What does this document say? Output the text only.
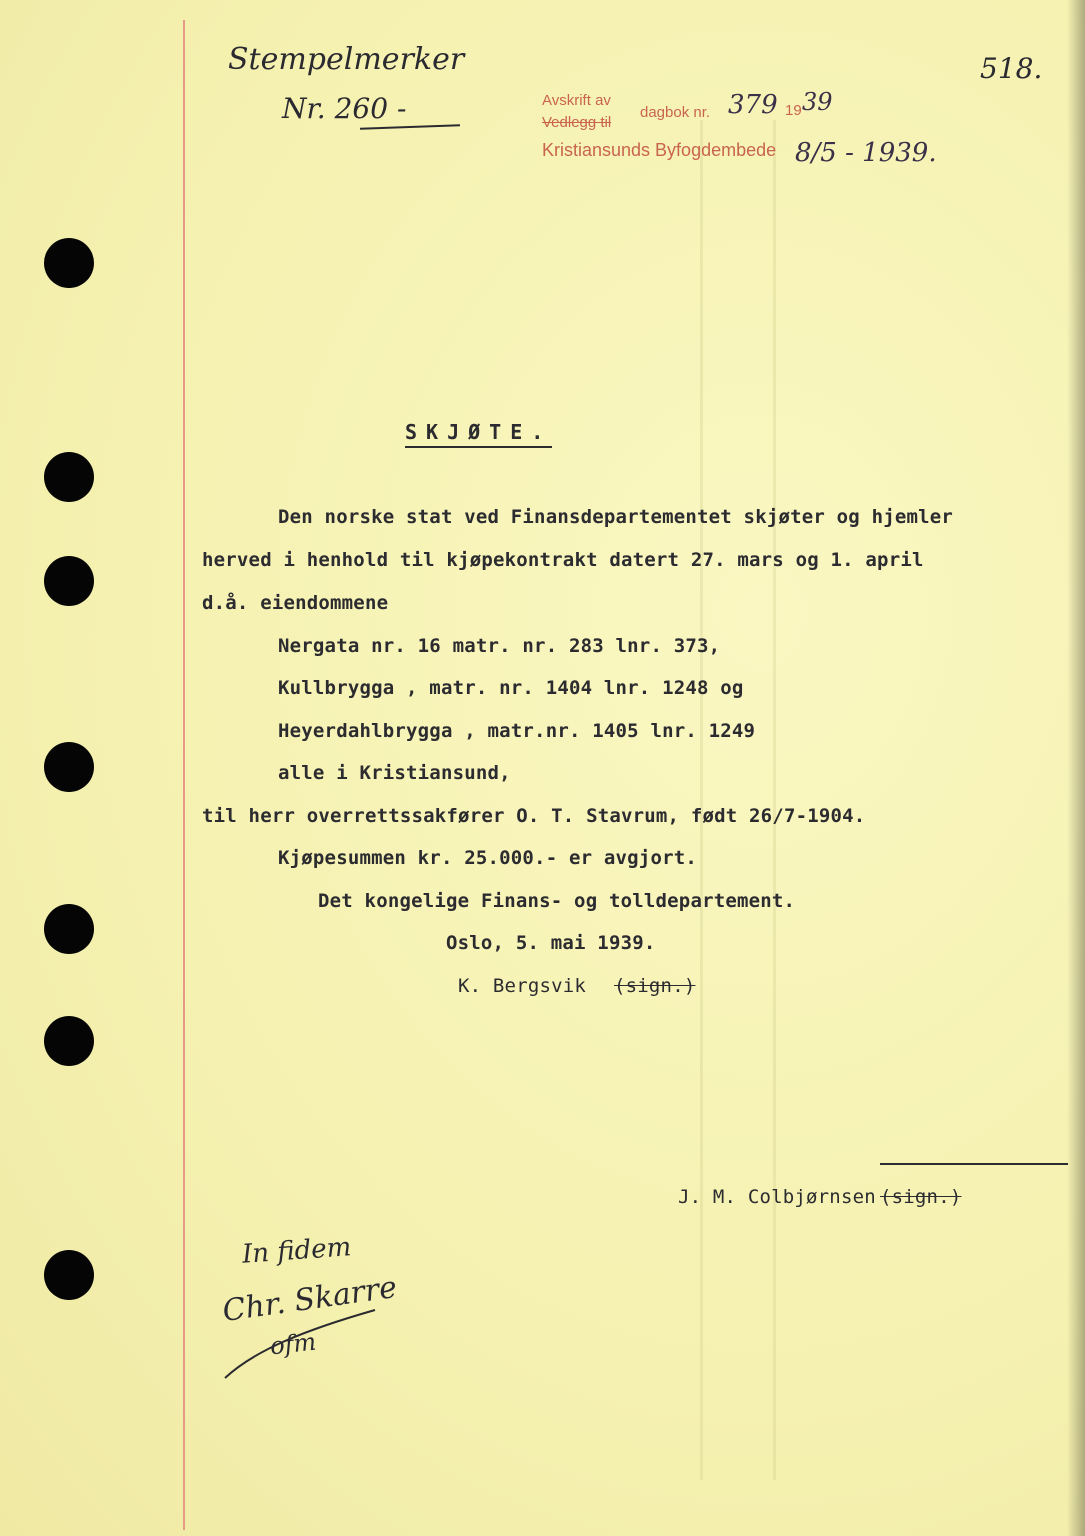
Stempelmerker
Nr. 260 -
518.
Avskrift av
dagbok nr. 379 19 39
Vedlegg til
Kristiansunds Byfogdembede 8/5 - 1939.
SKJØTE.
Den norske stat ved Finansdepartementet skjøter og hjemler
herved i henhold til kjøpekontrakt datert 27. mars og 1. april
d.å. eiendommene
Nergata nr. 16 matr. nr. 283 lnr. 373,
Kullbrygga , matr. nr. 1404 lnr. 1248 og
Heyerdahlbrygga , matr.nr. 1405 lnr. 1249
alle i Kristiansund,
til herr overrettssakfører O. T. Stavrum, født 26/7-1904.
Kjøpesummen kr. 25.000.- er avgjort.
Det kongelige Finans- og tolldepartement.
Oslo, 5. mai 1939.
K. Bergsvik (sign.)
J. M. Colbjørnsen (sign.)
In fidem
Chr. Skarre
ofm
